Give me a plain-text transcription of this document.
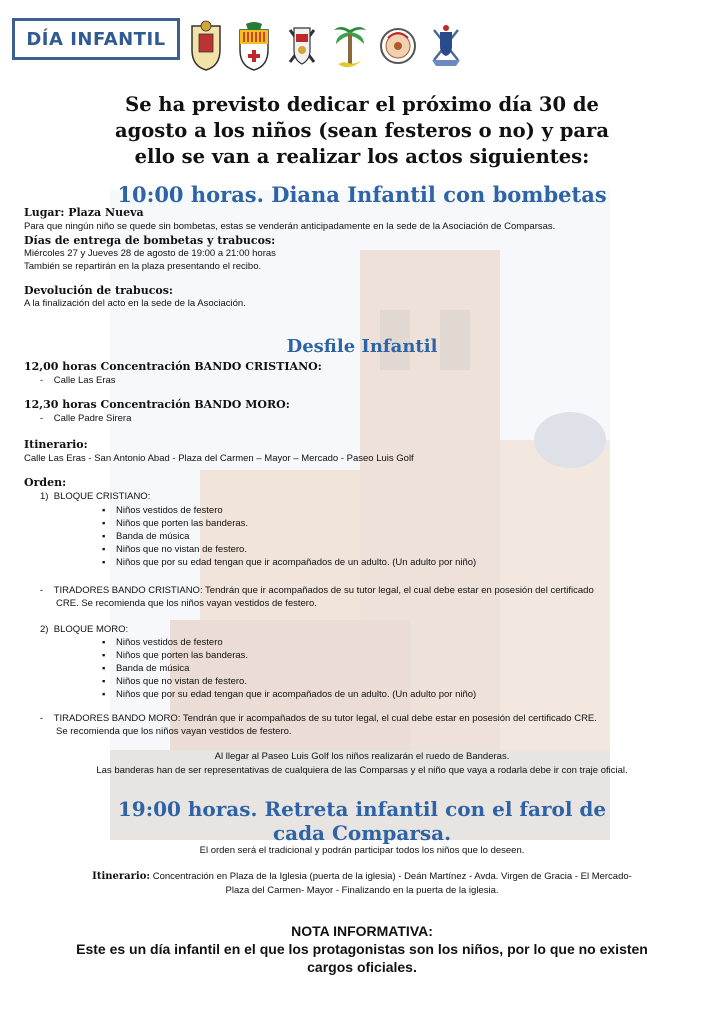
DÍA INFANTIL
Se ha previsto dedicar el próximo día 30 de
agosto a los niños (sean festeros o no) y para
ello se van a realizar los actos siguientes:
10:00 horas. Diana Infantil con bombetas
Lugar: Plaza Nueva
Para que ningún niño se quede sin bombetas, estas se venderán anticipadamente en la sede de la Asociación de Comparsas.
Días de entrega de bombetas y trabucos:
Miércoles 27 y Jueves 28 de agosto de 19:00 a 21:00 horas
También se repartirán en la plaza presentando el recibo.
Devolución de trabucos:
A la finalización del acto en la sede de la Asociación.
Desfile Infantil
12,00 horas Concentración BANDO CRISTIANO:
-    Calle Las Eras
12,30 horas Concentración BANDO MORO:
-    Calle Padre Sirera
Itinerario:
Calle Las Eras - San Antonio Abad - Plaza del Carmen – Mayor – Mercado - Paseo Luis Golf
Orden:
1)  BLOQUE CRISTIANO:
▪ Niños vestidos de festero
▪ Niños que porten las banderas.
▪ Banda de música
▪ Niños que no vistan de festero.
▪ Niños que por su edad tengan que ir acompañados de un adulto. (Un adulto por niño)
-    TIRADORES BANDO CRISTIANO: Tendrán que ir acompañados de su tutor legal, el cual debe estar en posesión del certificado
CRE. Se recomienda que los niños vayan vestidos de festero.
2)  BLOQUE MORO:
▪ Niños vestidos de festero
▪ Niños que porten las banderas.
▪ Banda de música
▪ Niños que no vistan de festero.
▪ Niños que por su edad tengan que ir acompañados de un adulto. (Un adulto por niño)
-    TIRADORES BANDO MORO: Tendrán que ir acompañados de su tutor legal, el cual debe estar en posesión del certificado CRE.
Se recomienda que los niños vayan vestidos de festero.
Al llegar al Paseo Luis Golf los niños realizarán el ruedo de Banderas.
Las banderas han de ser representativas de cualquiera de las Comparsas y el niño que vaya a rodarla debe ir con traje oficial.
19:00 horas. Retreta infantil con el farol de
cada Comparsa.
El orden será el tradicional y podrán participar todos los niños que lo deseen.
Itinerario: Concentración en Plaza de la Iglesia (puerta de la iglesia) - Deán Martínez - Avda. Virgen de Gracia - El Mercado-
Plaza del Carmen- Mayor - Finalizando en la puerta de la iglesia.
NOTA INFORMATIVA:
Este es un día infantil en el que los protagonistas son los niños, por lo que no existen
cargos oficiales.
